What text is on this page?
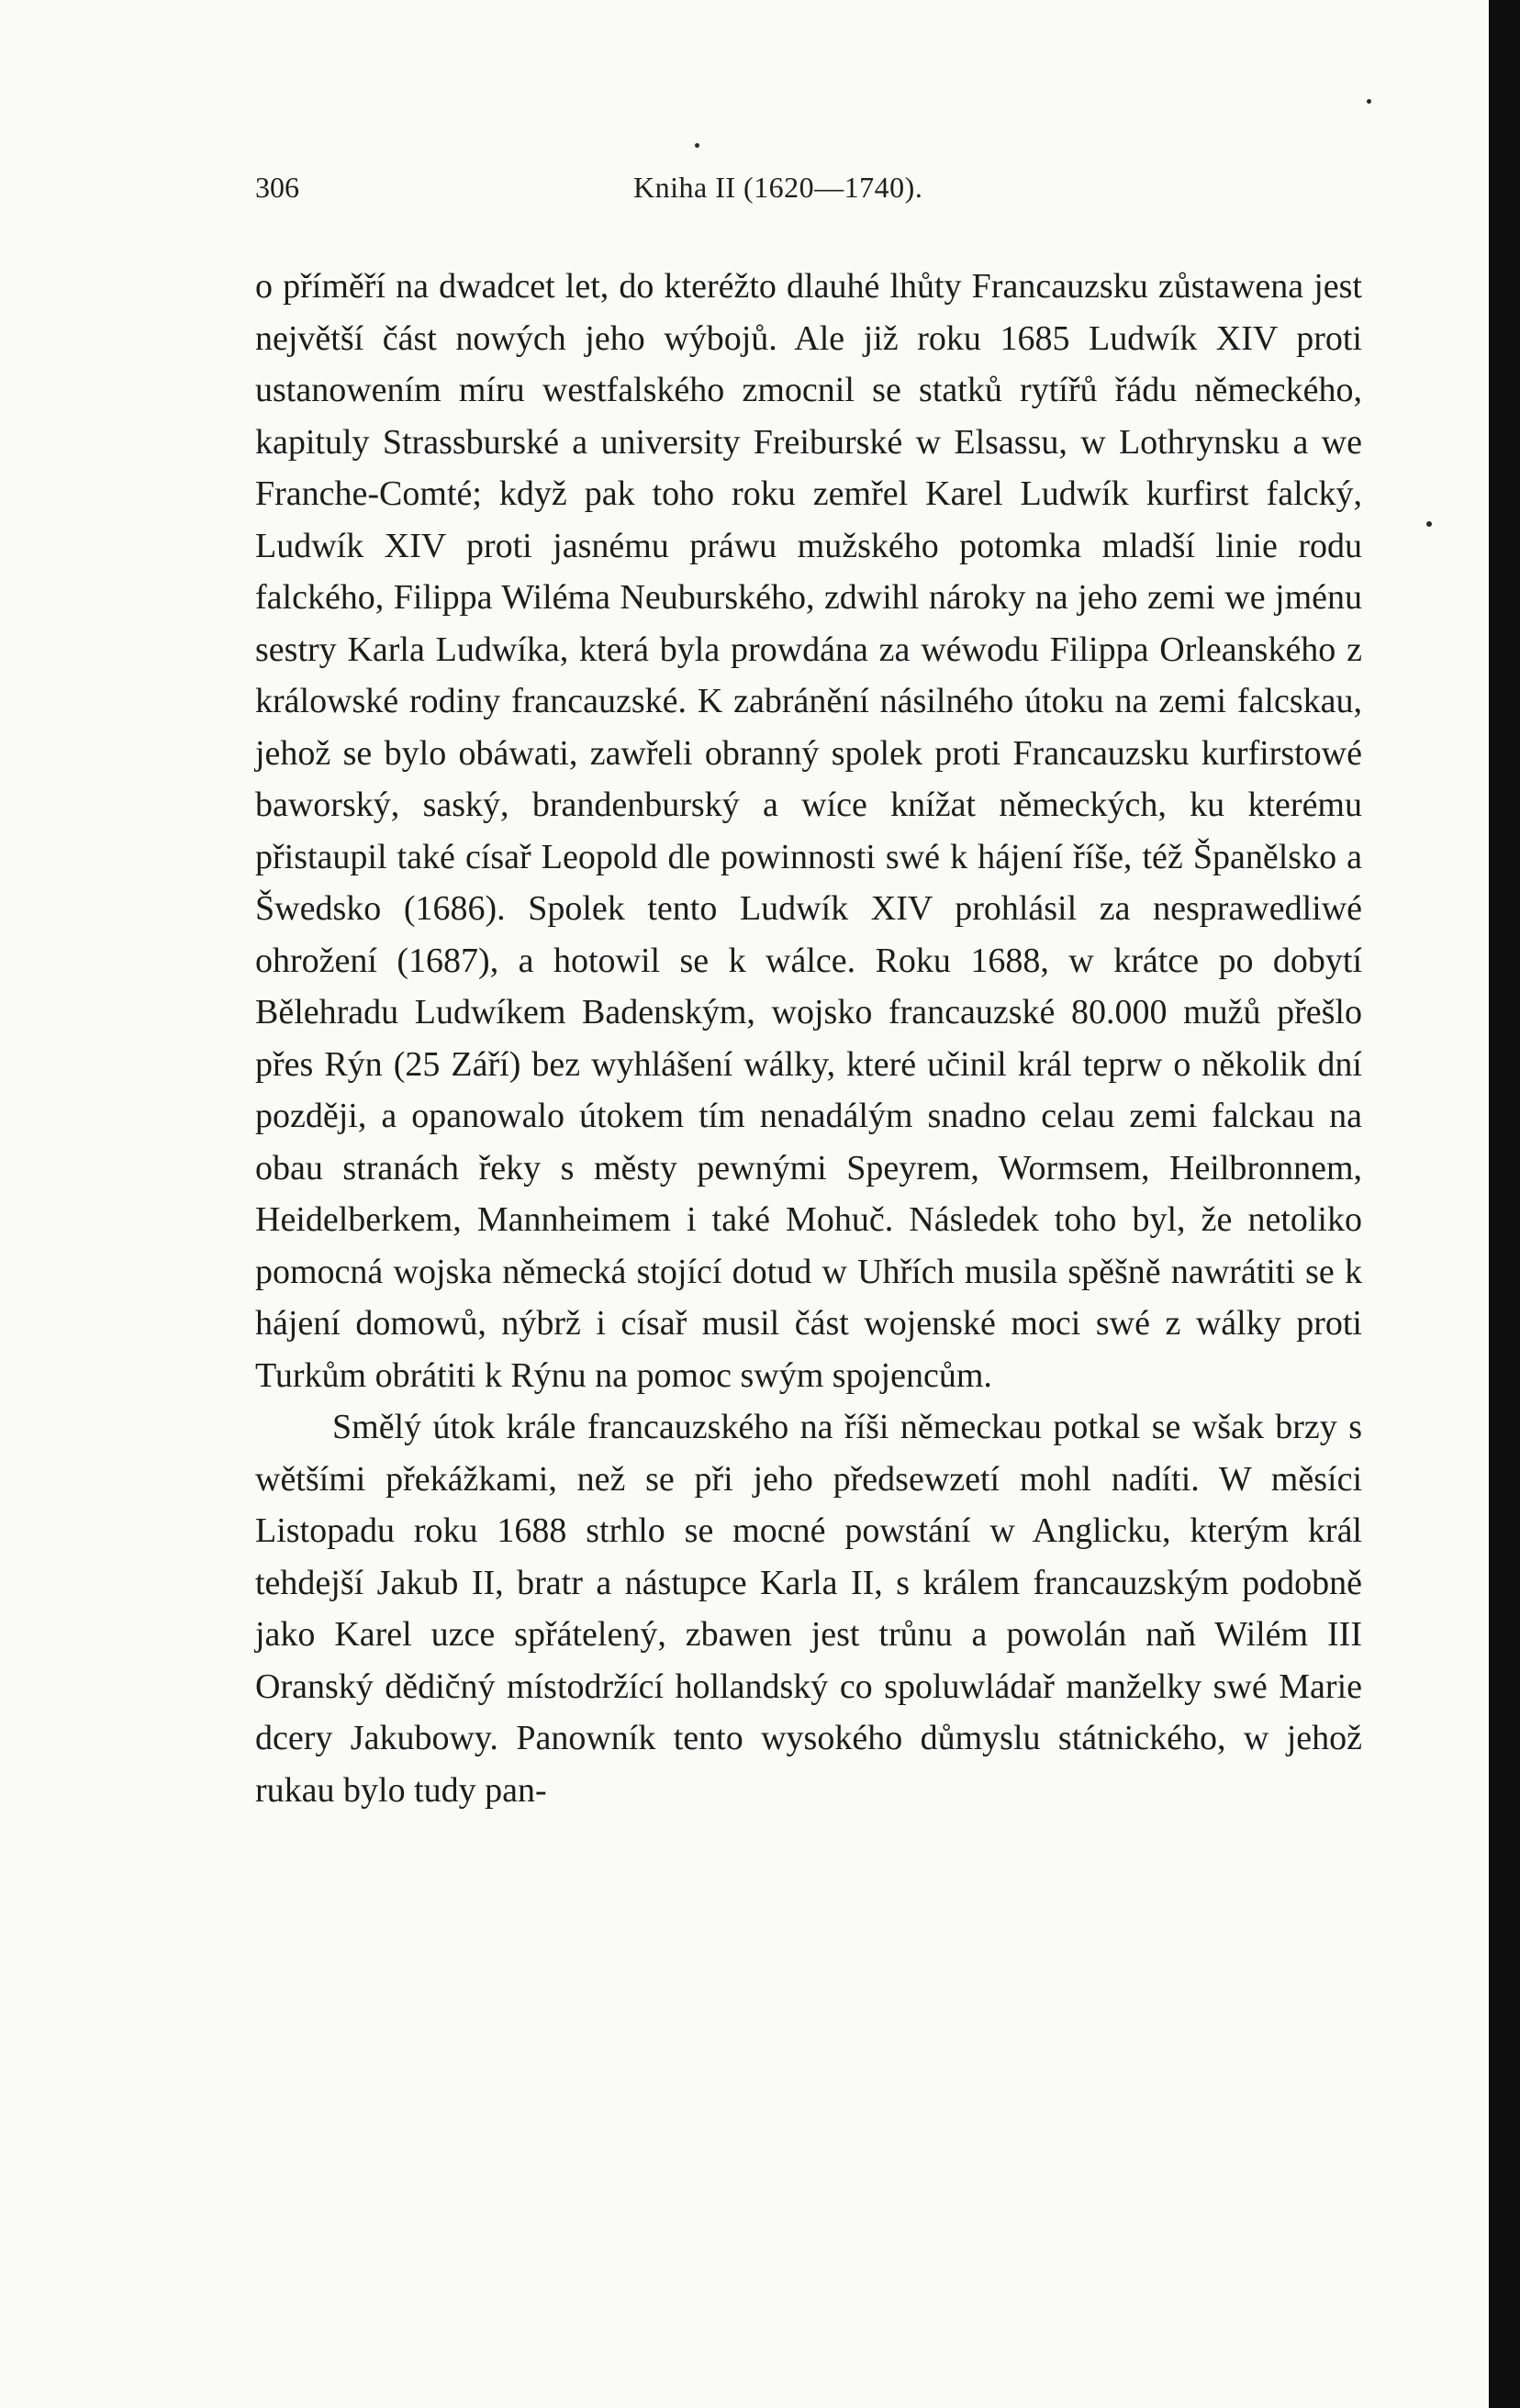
306	Kniha II (1620—1740).

o příměří na dwadcet let, do kteréžto dlauhé lhůty Francauzsku zůstawena jest největší část nowých jeho wýbojů. Ale již roku 1685 Ludwík XIV proti ustanowením míru westfalského zmocnil se statků rytířů řádu německého, kapituly Strassburské a university Freiburské w Elsassu, w Lothrynsku a we Franche-Comté; když pak toho roku zemřel Karel Ludwík kurfirst falcký, Ludwík XIV proti jasnému práwu mužského potomka mladší linie rodu falckého, Filippa Wiléma Neuburského, zdwihl nároky na jeho zemi we jménu sestry Karla Ludwíka, která byla prowdána za wéwodu Filippa Orleanského z králowské rodiny francauzské. K zabránění násilného útoku na zemi falcskau, jehož se bylo obáwati, zawřeli obranný spolek proti Francauzsku kurfirstowé baworský, saský, brandenburský a wíce knížat německých, ku kterému přistaupil také císař Leopold dle powinnosti swé k hájení říše, též Španělsko a Šwedsko (1686). Spolek tento Ludwík XIV prohlásil za nesprawedliwé ohrožení (1687), a hotowil se k wálce. Roku 1688, w krátce po dobytí Bělehradu Ludwíkem Badenským, wojsko francauzské 80.000 mužů přešlo přes Rýn (25 Září) bez wyhlášení wálky, které učinil král teprw o několik dní později, a opanowalo útokem tím nenadálým snadno celau zemi falckau na obau stranách řeky s městy pewnými Speyrem, Wormsem, Heilbronnem, Heidelberkem, Mannheimem i také Mohuč. Následek toho byl, že netoliko pomocná wojska německá stojící dotud w Uhřích musila spěšně nawrátiti se k hájení domowů, nýbrž i císař musil část wojenské moci swé z wálky proti Turkům obrátiti k Rýnu na pomoc swým spojencům.

Smělý útok krále francauzského na říši německau potkal se wšak brzy s wětšími překážkami, než se při jeho předsewzetí mohl nadíti. W měsíci Listopadu roku 1688 strhlo se mocné powstání w Anglicku, kterým král tehdejší Jakub II, bratr a nástupce Karla II, s králem francauzským podobně jako Karel uzce spřátelený, zbawen jest trůnu a powolán naň Wilém III Oranský dědičný místodržící hollandský co spoluwládař manželky swé Marie dcery Jakubowy. Panowník tento wysokého důmyslu státnického, w jehož rukau bylo tudy pan-
